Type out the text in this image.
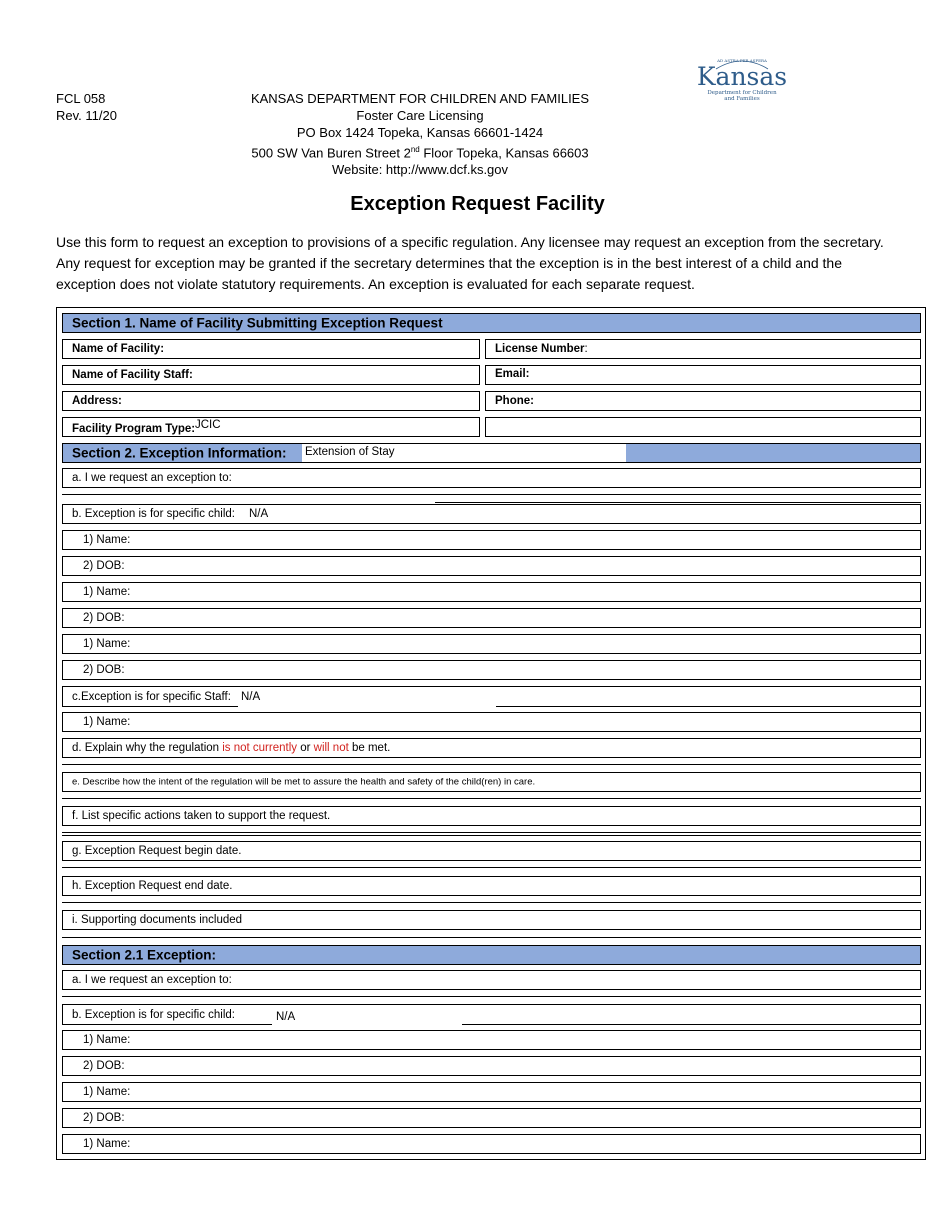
FCL 058
Rev. 11/20
KANSAS DEPARTMENT FOR CHILDREN AND FAMILIES
Foster Care Licensing
PO Box 1424 Topeka, Kansas 66601-1424
500 SW Van Buren Street 2nd Floor Topeka, Kansas 66603
Website: http://www.dcf.ks.gov
AD ASTRA PER ASPERA
Kansas
Department for Children
and Families
Exception Request Facility
Use this form to request an exception to provisions of a specific regulation. Any licensee may request an exception from the secretary. Any request for exception may be granted if the secretary determines that the exception is in the best interest of a child and the exception does not violate statutory requirements. An exception is evaluated for each separate request.
Section 1. Name of Facility Submitting Exception Request
Name of Facility:	License Number:
Name of Facility Staff:	Email:
Address:	Phone:
Facility Program Type: JCIC
Section 2. Exception Information: Extension of Stay
a. I we request an exception to:
b. Exception is for specific child: N/A
1) Name:
2) DOB:
1) Name:
2) DOB:
1) Name:
2) DOB:
c.Exception is for specific Staff: N/A
1) Name:
d. Explain why the regulation is not currently or will not be met.
e. Describe how the intent of the regulation will be met to assure the health and safety of the child(ren) in care.
f. List specific actions taken to support the request.
g. Exception Request begin date.
h. Exception Request end date.
i. Supporting documents included
Section 2.1 Exception:
a. I we request an exception to:
b. Exception is for specific child:	N/A
1) Name:
2) DOB:
1) Name:
2) DOB:
1) Name:
